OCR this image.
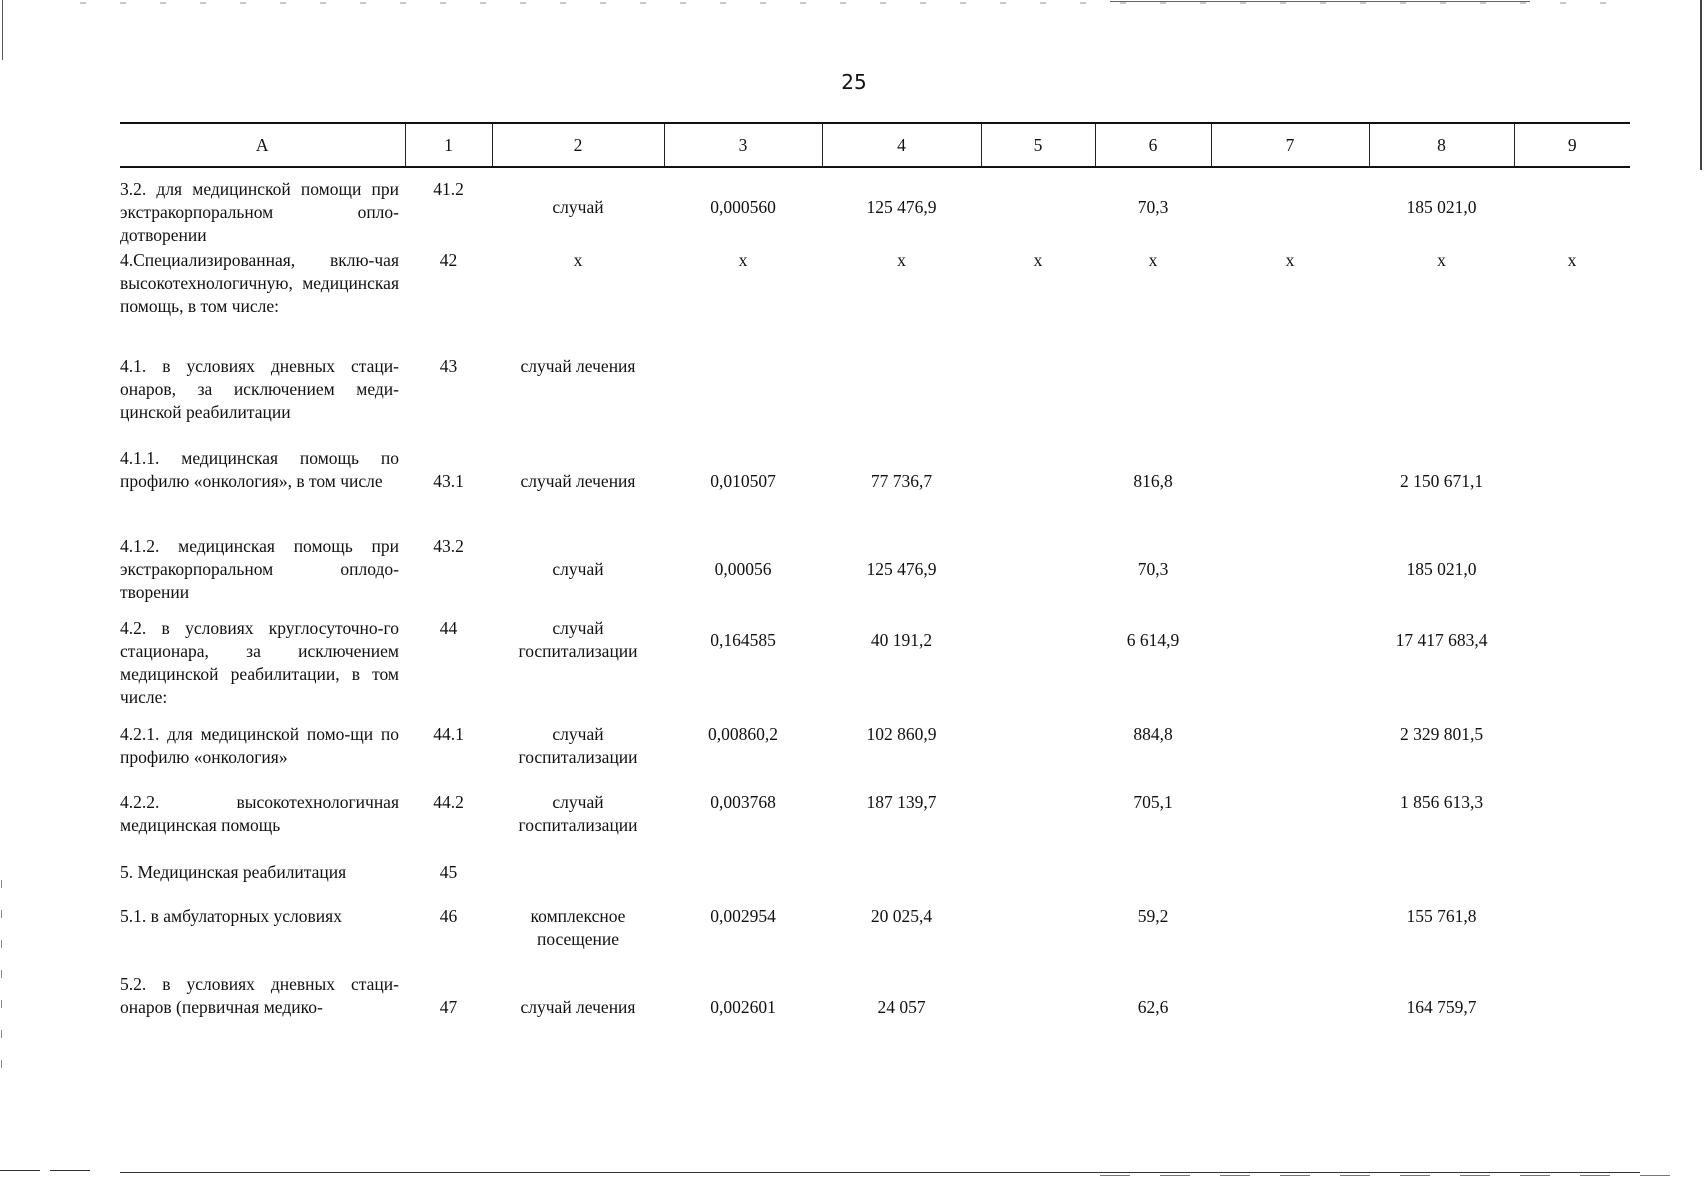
25
А	1	2	3	4	5	6	7	8	9
3.2. для медицинской помощи при экстракорпоральном опло-дотворении	41.2	случай	0,000560	125 476,9		70,3		185 021,0	
4.Специализированная, вклю-чая высокотехнологичную, медицинская помощь, в том числе:	42	х	х	х	х	х	х	х	х
4.1. в условиях дневных стаци-онаров, за исключением меди-цинской реабилитации	43	случай лечения							
4.1.1. медицинская помощь по профилю «онкология», в том числе	43.1	случай лечения	0,010507	77 736,7		816,8		2 150 671,1	
4.1.2. медицинская помощь при экстракорпоральном оплодо-творении	43.2	случай	0,00056	125 476,9		70,3		185 021,0	
4.2. в условиях круглосуточно-го стационара, за исключением медицинской реабилитации, в том числе:	44	случай госпитализации	0,164585	40 191,2		6 614,9		17 417 683,4	
4.2.1. для медицинской помо-щи по профилю «онкология»	44.1	случай госпитализации	0,00860,2	102 860,9		884,8		2 329 801,5	
4.2.2. высокотехнологичная медицинская помощь	44.2	случай госпитализации	0,003768	187 139,7		705,1		1 856 613,3	
5. Медицинская реабилитация	45								
5.1. в амбулаторных условиях	46	комплексное посещение	0,002954	20 025,4		59,2		155 761,8	
5.2. в условиях дневных стаци-онаров (первичная медико-	47	случай лечения	0,002601	24 057		62,6		164 759,7	
